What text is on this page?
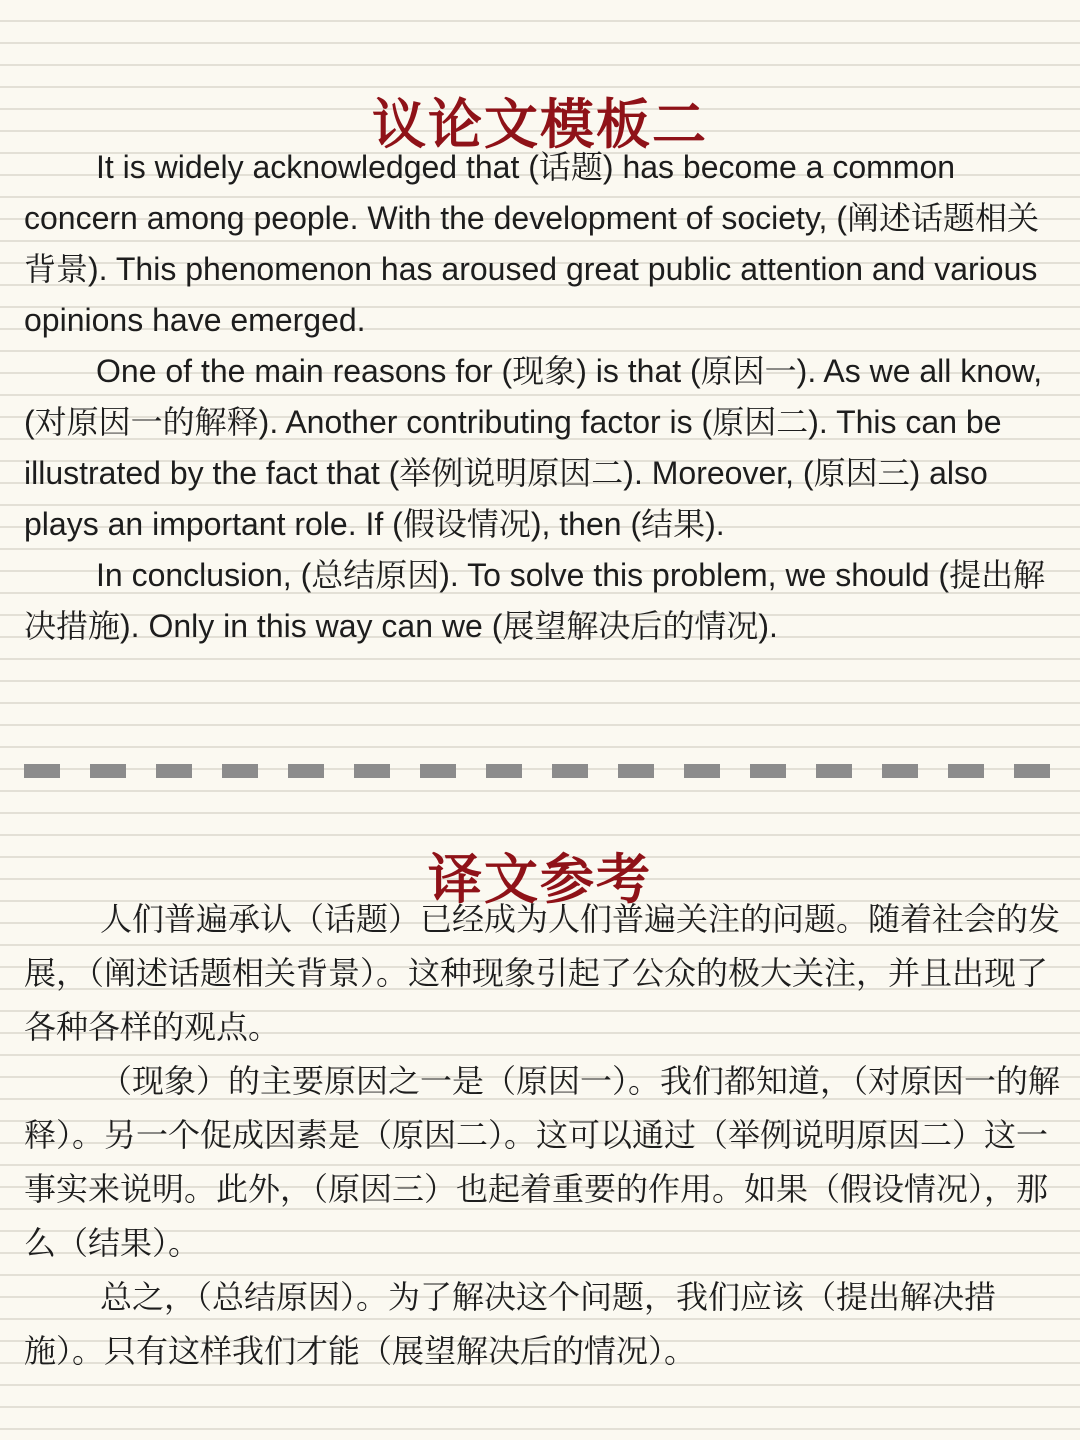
议论文模板二

It is widely acknowledged that (话题) has become a common concern among people. With the development of society, (阐述话题相关背景). This phenomenon has aroused great public attention and various opinions have emerged.

One of the main reasons for (现象) is that (原因一). As we all know, (对原因一的解释). Another contributing factor is (原因二). This can be illustrated by the fact that (举例说明原因二). Moreover, (原因三) also plays an important role. If (假设情况), then (结果).

In conclusion, (总结原因). To solve this problem, we should (提出解决措施). Only in this way can we (展望解决后的情况).

译文参考

人们普遍承认（话题）已经成为人们普遍关注的问题。随着社会的发展，（阐述话题相关背景）。这种现象引起了公众的极大关注，并且出现了各种各样的观点。

（现象）的主要原因之一是（原因一）。我们都知道，（对原因一的解释）。另一个促成因素是（原因二）。这可以通过（举例说明原因二）这一事实来说明。此外，（原因三）也起着重要的作用。如果（假设情况），那么（结果）。

总之，（总结原因）。为了解决这个问题，我们应该（提出解决措施）。只有这样我们才能（展望解决后的情况）。
